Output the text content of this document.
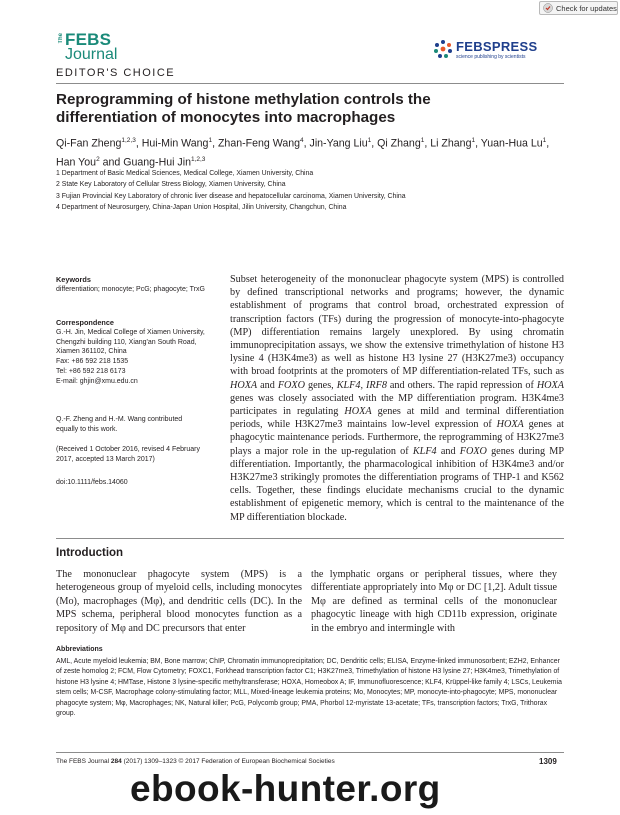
Check for updates
The FEBS
Journal
EDITOR'S CHOICE
FEBSPRESS
science publishing by scientists
Reprogramming of histone methylation controls the
differentiation of monocytes into macrophages
Qi-Fan Zheng$^{1,2,3}$, Hui-Min Wang$^1$, Zhan-Feng Wang$^4$, Jin-Yang Liu$^1$, Qi Zhang$^1$, Li Zhang$^1$, Yuan-Hua Lu$^1$, Han You$^2$ and Guang-Hui Jin$^{1,2,3}$
1 Department of Basic Medical Sciences, Medical College, Xiamen University, China
2 State Key Laboratory of Cellular Stress Biology, Xiamen University, China
3 Fujian Provincial Key Laboratory of chronic liver disease and hepatocellular carcinoma, Xiamen University, China
4 Department of Neurosurgery, China-Japan Union Hospital, Jilin University, Changchun, China

Keywords

differentiation; monocyte; PcG; phagocyte; TrxG

Correspondence

G.-H. Jin, Medical College of Xiamen University, Chengzhi building 110, Xiang'an South Road, Xiamen 361102, China

Fax: +86 592 218 1535

Tel: +86 592 218 6173

E-mail: ghjin@xmu.edu.cn

Q.-F. Zheng and H.-M. Wang contributed equally to this work.

(Received 1 October 2016, revised 4 February 2017, accepted 13 March 2017)

doi:10.1111/febs.14060

Subset heterogeneity of the mononuclear phagocyte system (MPS) is controlled by defined transcriptional networks and programs; however, the dynamic establishment of programs that control broad, orchestrated expression of transcription factors (TFs) during the progression of monocyte-into-phagocyte (MP) differentiation remains largely unexplored. By using chromatin immunoprecipitation assays, we show the extensive trimethylation of histone H3 lysine 4 (H3K4me3) as well as histone H3 lysine 27 (H3K27me3) occupancy with broad footprints at the promoters of MP differentiation-related TFs, such as HOXA and FOXO genes, KLF4, IRF8 and others. The rapid repression of HOXA genes was closely associated with the MP differentiation program. H3K4me3 participates in regulating HOXA genes at mild and terminal differentiation periods, while H3K27me3 maintains low-level expression of HOXA genes at phagocytic maintenance periods. Furthermore, the reprogramming of H3K27me3 plays a major role in the up-regulation of KLF4 and FOXO genes during MP differentiation. Importantly, the pharmacological inhibition of H3K4me3 and/or H3K27me3 strikingly promotes the differentiation programs of THP-1 and K562 cells. Together, these findings elucidate mechanisms crucial to the dynamic establishment of epigenetic memory, which is central to the maintenance of the MP differentiation blockade.
Introduction
The mononuclear phagocyte system (MPS) is a heterogeneous group of myeloid cells, including monocytes (Mo), macrophages (Mφ), and dendritic cells (DC). In the MPS schema, peripheral blood monocytes function as a repository of Mφ and DC precursors that enter
the lymphatic organs or peripheral tissues, where they differentiate appropriately into Mφ or DC [1,2]. Adult tissue Mφ are defined as terminal cells of the mononuclear phagocytic lineage with high CD11b expression, originate in the embryo and intermingle with
Abbreviations
AML, Acute myeloid leukemia; BM, Bone marrow; ChIP, Chromatin immunoprecipitation; DC, Dendritic cells; ELISA, Enzyme-linked immunosorbent; EZH2, Enhancer of zeste homolog 2; FCM, Flow Cytometry; FOXC1, Forkhead transcription factor C1; H3K27me3, Trimethylation of histone H3 lysine 27; H3K4me3, Trimethylation of histone H3 lysine 4; HMTase, Histone 3 lysine-specific methyltransferase; HOXA, Homeobox A; IF, Immunofluorescence; KLF4, Krüppel-like family 4; LSCs, Leukemia stem cells; M-CSF, Macrophage colony-stimulating factor; MLL, Mixed-lineage leukemia proteins; Mo, Monocytes; MP, monocyte-into-phagocyte; MPS, mononuclear phagocyte system; Mφ, Macrophages; NK, Natural killer; PcG, Polycomb group; PMA, Phorbol 12-myristate 13-acetate; TFs, transcription factors; TrxG, Trithorax group.
The FEBS Journal 284 (2017) 1309–1323 © 2017 Federation of European Biochemical Societies	1309
ebook-hunter.org
